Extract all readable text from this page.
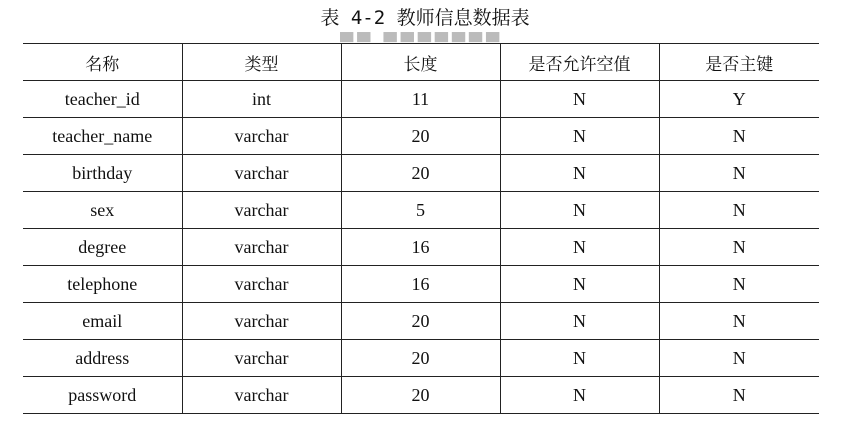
表 4-2 教师信息数据表
▀▀ ▀▀▀▀▀▀▀
名称	类型	长度	是否允许空值	是否主键
teacher_id	int	11	N	Y
teacher_name	varchar	20	N	N
birthday	varchar	20	N	N
sex	varchar	5	N	N
degree	varchar	16	N	N
telephone	varchar	16	N	N
email	varchar	20	N	N
address	varchar	20	N	N
password	varchar	20	N	N
